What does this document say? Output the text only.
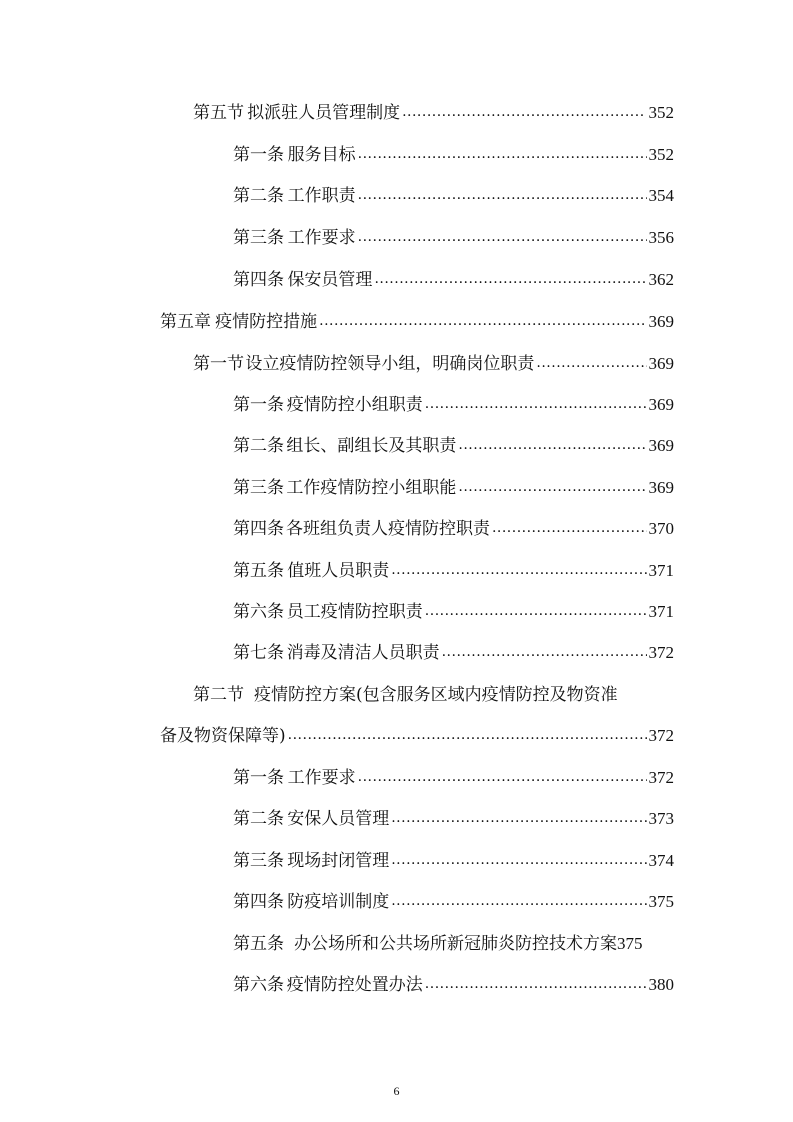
第五节 拟派驻人员管理制度 .....	352
第一条 服务目标 .....	352
第二条 工作职责 .....	354
第三条 工作要求 .....	356
第四条 保安员管理 .....	362
第五章 疫情防控措施 .....	369
第一节 设立疫情防控领导小组，明确岗位职责 .....	369
第一条 疫情防控小组职责 .....	369
第二条 组长、副组长及其职责 .....	369
第三条 工作疫情防控小组职能 .....	369
第四条 各班组负责人疫情防控职责 .....	370
第五条 值班人员职责 .....	371
第六条 员工疫情防控职责 .....	371
第七条 消毒及清洁人员职责 .....	372
第二节 疫情防控方案(包含服务区域内疫情防控及物资准
备及物资保障等) .....	372
第一条 工作要求 .....	372
第二条 安保人员管理 .....	373
第三条 现场封闭管理 .....	374
第四条 防疫培训制度 .....	375
第五条 办公场所和公共场所新冠肺炎防控技术方案 375
第六条 疫情防控处置办法 .....	380
6
